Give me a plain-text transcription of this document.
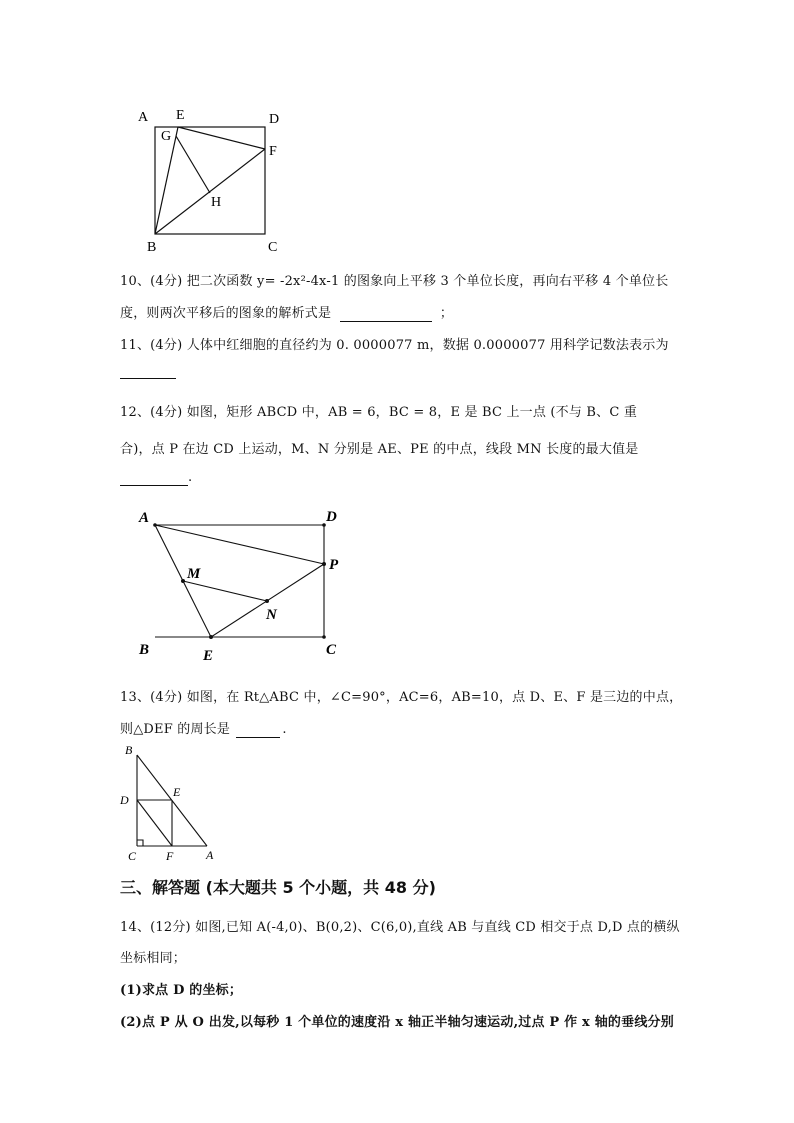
A E	D
G
F
H
B	C
10、(4分) 把二次函数 y= -2x²-4x-1 的图象向上平移 3 个单位长度，再向右平移 4 个单位长
度，则两次平移后的图象的解析式是	；
11、(4分) 人体中红细胞的直径约为 0. 0000077 m，数据 0.0000077 用科学记数法表示为
12、(4分) 如图，矩形 ABCD 中，AB = 6，BC = 8，E 是 BC 上一点 (不与 B、C 重
合)，点 P 在边 CD 上运动，M、N 分别是 AE、PE 的中点，线段 MN 长度的最大值是
.
A	D
M
P
N
B	E	C
13、(4分) 如图，在 Rt△ABC 中，∠C=90°，AC=6，AB=10，点 D、E、F 是三边的中点，
则△DEF 的周长是	.
B
D
E
C F	A
三、解答题 (本大题共 5 个小题，共 48 分)
14、(12分) 如图,已知 A(-4,0)、B(0,2)、C(6,0),直线 AB 与直线 CD 相交于点 D,D 点的横纵
坐标相同；
(1)求点 D 的坐标；
(2)点 P 从 O 出发,以每秒 1 个单位的速度沿 x 轴正半轴匀速运动,过点 P 作 x 轴的垂线分别
